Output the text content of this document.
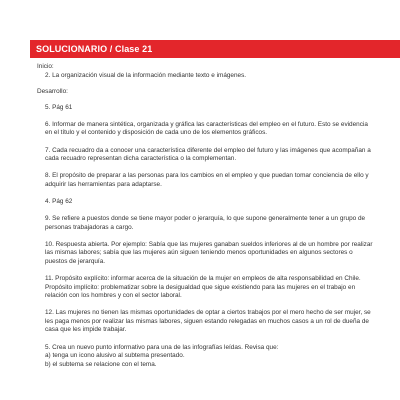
SOLUCIONARIO / Clase 21

Inicio:

2. La organización visual de la información mediante texto e imágenes.

Desarrollo:

5. Pág 61

6. Informar de manera sintética, organizada y gráfica las características del empleo en el futuro. Esto se evidencia en el título y el contenido y disposición de cada uno de los elementos gráficos.

7. Cada recuadro da a conocer una característica diferente del empleo del futuro y las imágenes que acompañan a cada recuadro representan dicha característica o la complementan.

8. El propósito de preparar a las personas para los cambios en el empleo y que puedan tomar conciencia de ello y adquirir las herramientas para adaptarse.

4. Pág 62

9. Se refiere a puestos donde se tiene mayor poder o jerarquía, lo que supone generalmente tener a un grupo de personas trabajadoras a cargo.

10. Respuesta abierta. Por ejemplo: Sabía que las mujeres ganaban sueldos inferiores al de un hombre por realizar las mismas labores; sabía que las mujeres aún siguen teniendo menos oportunidades en algunos sectores o puestos de jerarquía.

11. Propósito explícito: informar acerca de la situación de la mujer en empleos de alta responsabilidad en Chile. Propósito implícito: problematizar sobre la desigualdad que sigue existiendo para las mujeres en el trabajo en relación con los hombres y con el sector laboral.

12. Las mujeres no tienen las mismas oportunidades de optar a ciertos trabajos por el mero hecho de ser mujer, se les paga menos por realizar las mismas labores, siguen estando relegadas en muchos casos a un rol de dueña de casa que les impide trabajar.

5. Crea un nuevo punto informativo para una de las infografías leídas. Revisa que:

a) tenga un icono alusivo al subtema presentado.

b) el subtema se relacione con el tema.
